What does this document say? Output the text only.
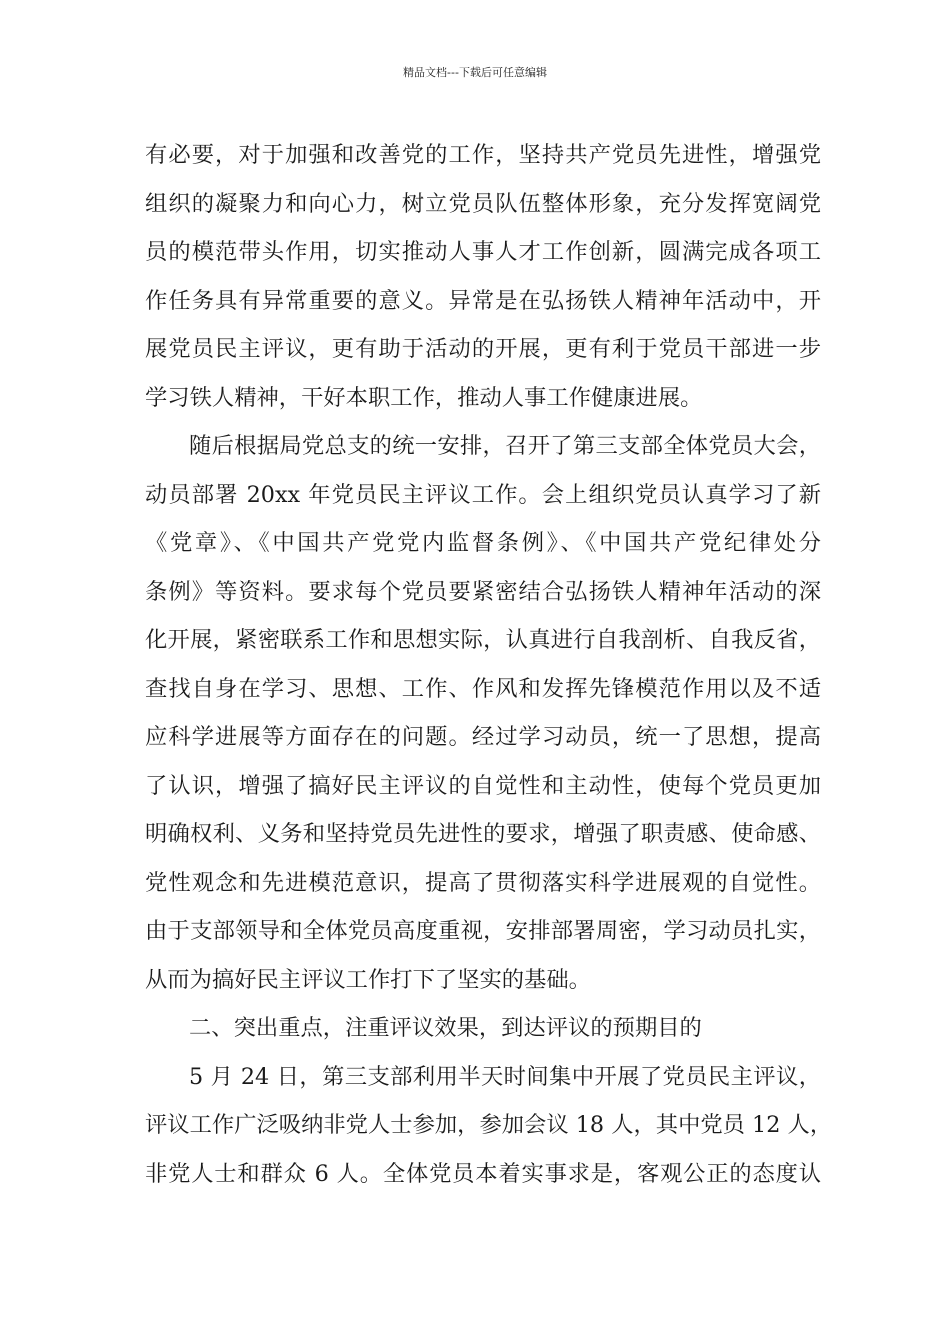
精品文档---下载后可任意编辑
有必要，对于加强和改善党的工作，坚持共产党员先进性，增强党
组织的凝聚力和向心力，树立党员队伍整体形象，充分发挥宽阔党
员的模范带头作用，切实推动人事人才工作创新，圆满完成各项工
作任务具有异常重要的意义。异常是在弘扬铁人精神年活动中，开
展党员民主评议，更有助于活动的开展，更有利于党员干部进一步
学习铁人精神，干好本职工作，推动人事工作健康进展。
随后根据局党总支的统一安排，召开了第三支部全体党员大会，
动员部署 20xx 年党员民主评议工作。会上组织党员认真学习了新
《党章》、《中国共产党党内监督条例》、《中国共产党纪律处分
条例》等资料。要求每个党员要紧密结合弘扬铁人精神年活动的深
化开展，紧密联系工作和思想实际，认真进行自我剖析、自我反省，
查找自身在学习、思想、工作、作风和发挥先锋模范作用以及不适
应科学进展等方面存在的问题。经过学习动员，统一了思想，提高
了认识，增强了搞好民主评议的自觉性和主动性，使每个党员更加
明确权利、义务和坚持党员先进性的要求，增强了职责感、使命感、
党性观念和先进模范意识，提高了贯彻落实科学进展观的自觉性。
由于支部领导和全体党员高度重视，安排部署周密，学习动员扎实，
从而为搞好民主评议工作打下了坚实的基础。
二、突出重点，注重评议效果，到达评议的预期目的
5 月 24 日，第三支部利用半天时间集中开展了党员民主评议，
评议工作广泛吸纳非党人士参加，参加会议 18 人，其中党员 12 人，
非党人士和群众 6 人。全体党员本着实事求是，客观公正的态度认
